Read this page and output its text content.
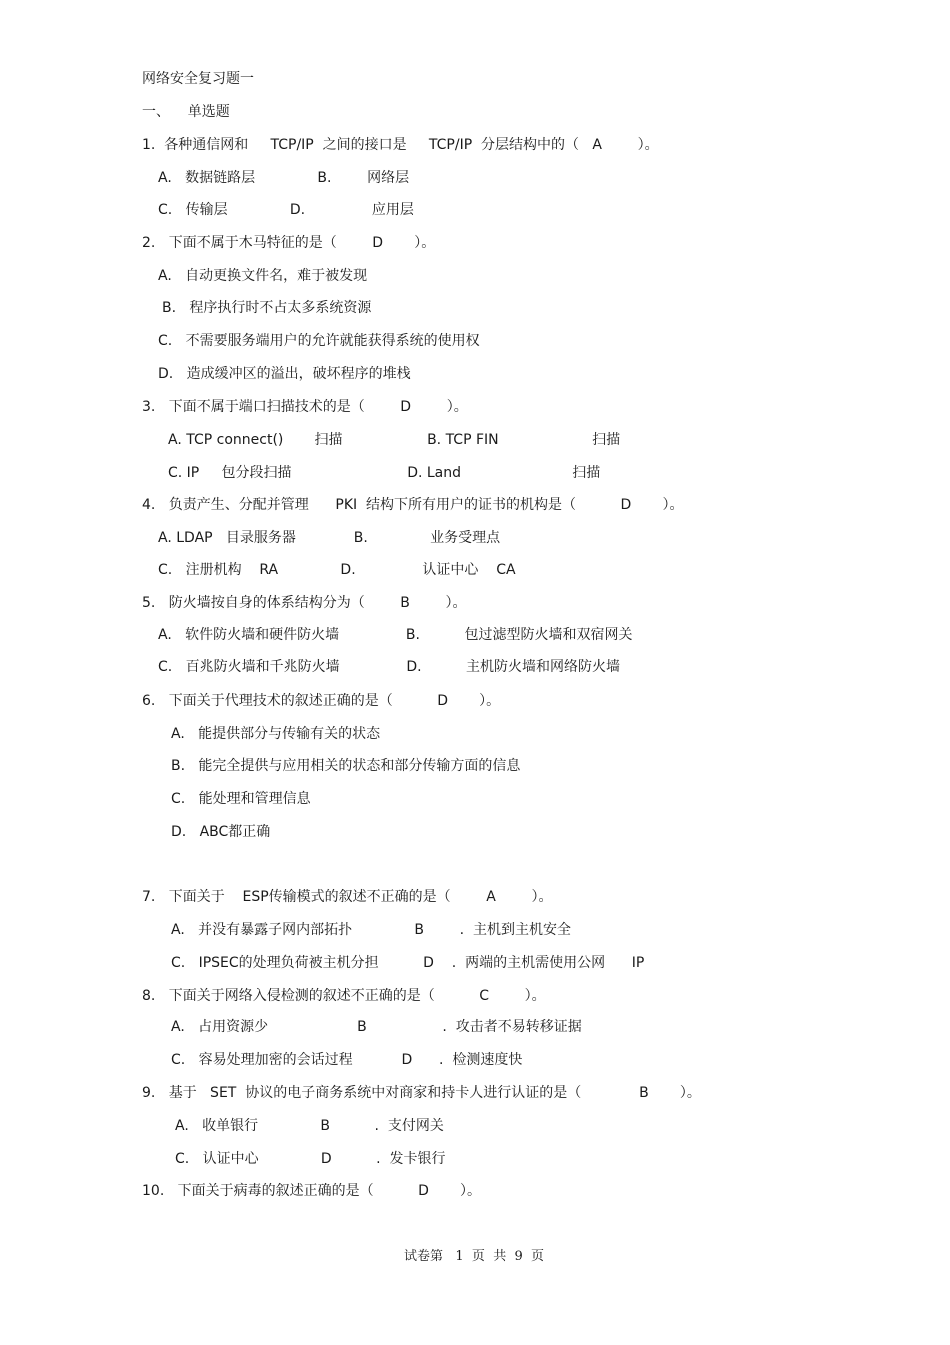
网络安全复习题一
一、    单选题
1.  各种通信网和     TCP/IP  之间的接口是     TCP/IP  分层结构中的（   A        ）。
A.   数据链路层              B.        网络层
C.   传输层              D.               应用层
2.   下面不属于木马特征的是（        D       ）。
A.   自动更换文件名，难于被发现
B.   程序执行时不占太多系统资源
C.   不需要服务端用户的允许就能获得系统的使用权
D.   造成缓冲区的溢出，破坏程序的堆栈
3.   下面不属于端口扫描技术的是（        D        ）。
A. TCP connect()       扫描                   B. TCP FIN                     扫描
C. IP     包分段扫描                          D. Land                         扫描
4.   负责产生、分配并管理      PKI  结构下所有用户的证书的机构是（          D       ）。
A. LDAP   目录服务器             B.              业务受理点
C.   注册机构    RA              D.               认证中心    CA
5.   防火墙按自身的体系结构分为（        B        ）。
A.   软件防火墙和硬件防火墙               B.          包过滤型防火墙和双宿网关
C.   百兆防火墙和千兆防火墙               D.          主机防火墙和网络防火墙
6.   下面关于代理技术的叙述正确的是（          D       ）。
A.   能提供部分与传输有关的状态
B.   能完全提供与应用相关的状态和部分传输方面的信息
C.   能处理和管理信息
D.   ABC都正确
7.   下面关于    ESP传输模式的叙述不正确的是（        A        ）。
A.   并没有暴露子网内部拓扑              B        .  主机到主机安全
C.   IPSEC的处理负荷被主机分担          D    .  两端的主机需使用公网      IP
8.   下面关于网络入侵检测的叙述不正确的是（          C        ）。
A.   占用资源少                    B                 .  攻击者不易转移证据
C.   容易处理加密的会话过程           D      .  检测速度快
9.   基于   SET  协议的电子商务系统中对商家和持卡人进行认证的是（             B       ）。
A.   收单银行              B          .  支付网关
C.   认证中心              D          .  发卡银行
10.   下面关于病毒的叙述正确的是（          D       ）。
试卷第   1  页  共  9  页
